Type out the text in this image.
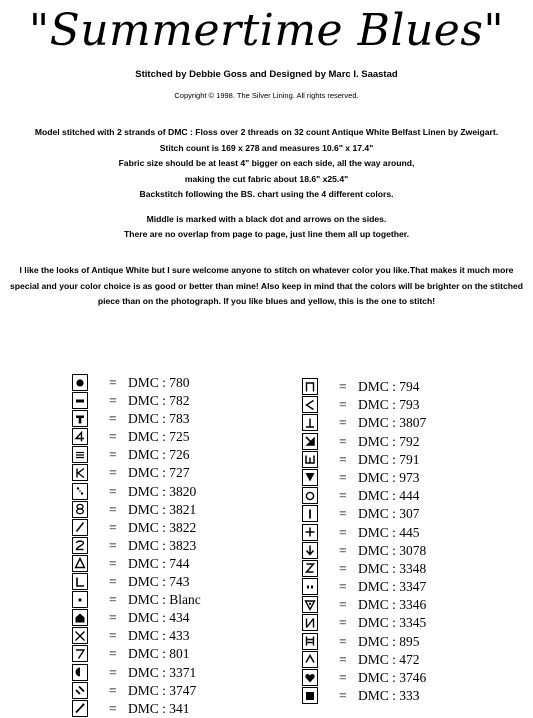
"Summertime Blues"
Stitched by Debbie Goss and Designed by Marc I. Saastad
Copyright © 1998. The Silver Lining. All rights reserved.
Model stitched with 2 strands of DMC : Floss over 2 threads on 32 count Antique White Belfast Linen by Zweigart.
Stitch count is 169 x 278 and measures 10.6" x 17.4"
Fabric size should be at least 4" bigger on each side, all the way around,
making the cut fabric about 18.6" x25.4"
Backstitch following the BS. chart using the 4 different colors.
Middle is marked with a black dot and arrows on the sides.
There are no overlap from page to page, just line them all up together.
I like the looks of Antique White but I sure welcome anyone to stitch on whatever color you like.That makes it much more special and your color choice is as good or better than mine! Also keep in mind that the colors will be brighter on the stitched piece than on the photograph. If you like blues and yellow, this is the one to stitch!
= DMC : 780
= DMC : 782
= DMC : 783
= DMC : 725
= DMC : 726
= DMC : 727
= DMC : 3820
= DMC : 3821
= DMC : 3822
= DMC : 3823
= DMC : 744
= DMC : 743
= DMC : Blanc
= DMC : 434
= DMC : 433
= DMC : 801
= DMC : 3371
= DMC : 3747
= DMC : 341
= DMC : 794
= DMC : 793
= DMC : 3807
= DMC : 792
= DMC : 791
= DMC : 973
= DMC : 444
= DMC : 307
= DMC : 445
= DMC : 3078
= DMC : 3348
= DMC : 3347
= DMC : 3346
= DMC : 3345
= DMC : 895
= DMC : 472
= DMC : 3746
= DMC : 333
